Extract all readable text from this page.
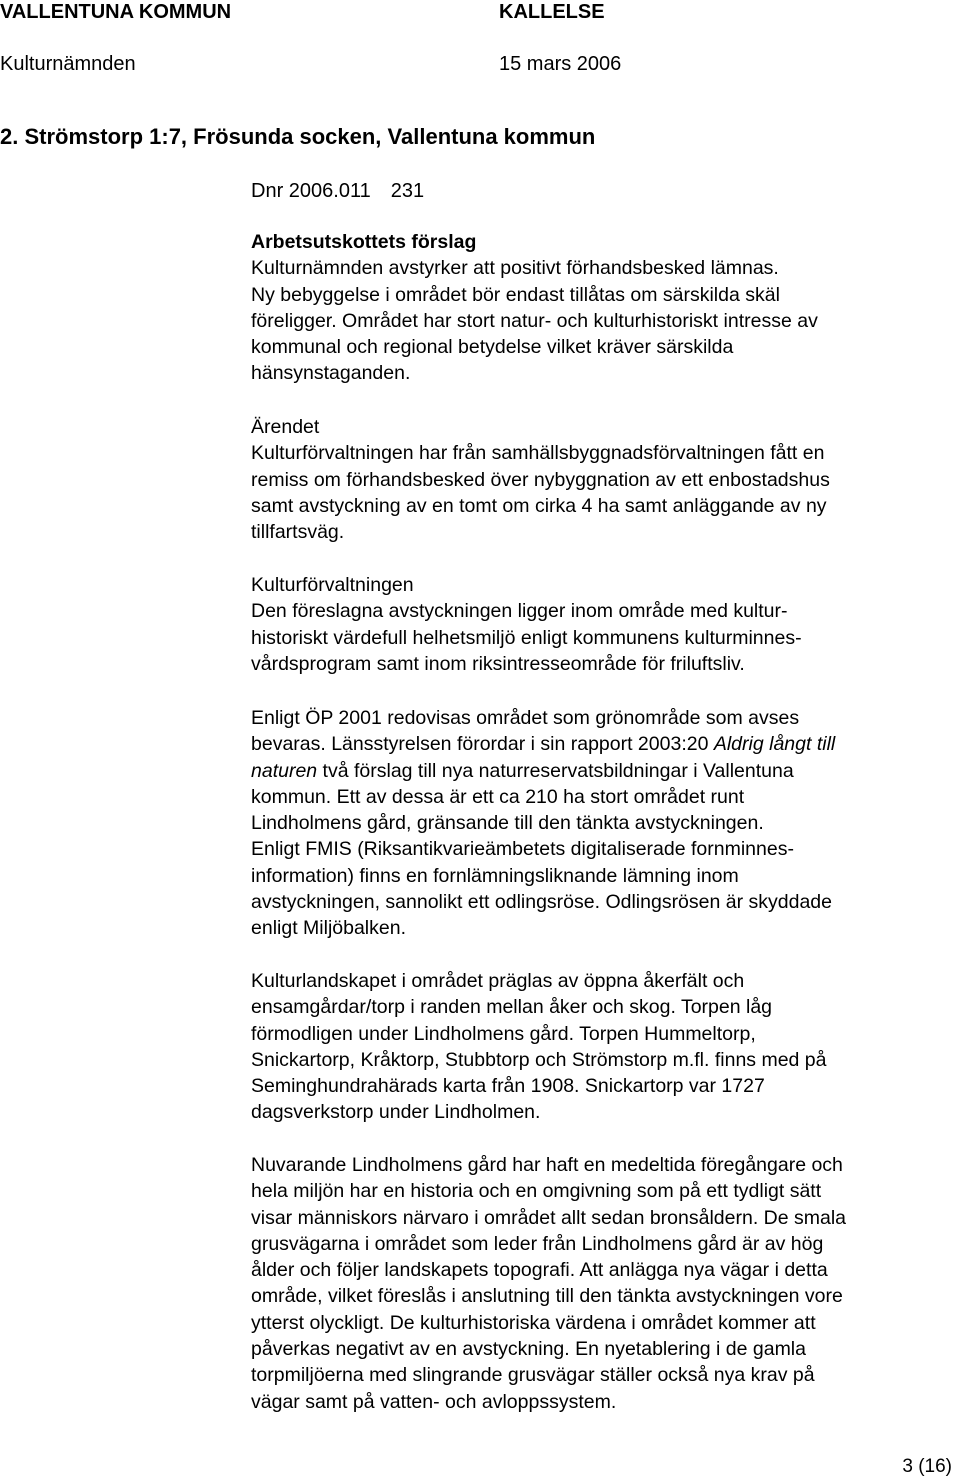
VALLENTUNA KOMMUN	KALLELSE
Kulturnämnden	15 mars 2006
2. Strömstorp 1:7, Frösunda socken, Vallentuna kommun
Dnr 2006.011 231

Arbetsutskottets förslag

Kulturnämnden avstyrker att positivt förhandsbesked lämnas.

Ny bebyggelse i området bör endast tillåtas om särskilda skäl

föreligger. Området har stort natur- och kulturhistoriskt intresse av

kommunal och regional betydelse vilket kräver särskilda

hänsynstaganden.

Ärendet

Kulturförvaltningen har från samhällsbyggnadsförvaltningen fått en

remiss om förhandsbesked över nybyggnation av ett enbostadshus

samt avstyckning av en tomt om cirka 4 ha samt anläggande av ny

tillfartsväg.

Kulturförvaltningen

Den föreslagna avstyckningen ligger inom område med kultur-

historiskt värdefull helhetsmiljö enligt kommunens kulturminnes-

vårdsprogram samt inom riksintresseområde för friluftsliv.

Enligt ÖP 2001 redovisas området som grönområde som avses

bevaras. Länsstyrelsen förordar i sin rapport 2003:20 Aldrig långt till

naturen två förslag till nya naturreservatsbildningar i Vallentuna

kommun. Ett av dessa är ett ca 210 ha stort området runt

Lindholmens gård, gränsande till den tänkta avstyckningen.

Enligt FMIS (Riksantikvarieämbetets digitaliserade fornminnes-

information) finns en fornlämningsliknande lämning inom

avstyckningen, sannolikt ett odlingsröse. Odlingsrösen är skyddade

enligt Miljöbalken.

Kulturlandskapet i området präglas av öppna åkerfält och

ensamgårdar/torp i randen mellan åker och skog. Torpen låg

förmodligen under Lindholmens gård. Torpen Hummeltorp,

Snickartorp, Kråktorp, Stubbtorp och Strömstorp m.fl. finns med på

Seminghundrahärads karta från 1908. Snickartorp var 1727

dagsverkstorp under Lindholmen.

Nuvarande Lindholmens gård har haft en medeltida föregångare och

hela miljön har en historia och en omgivning som på ett tydligt sätt

visar människors närvaro i området allt sedan bronsåldern. De smala

grusvägarna i området som leder från Lindholmens gård är av hög

ålder och följer landskapets topografi. Att anlägga nya vägar i detta

område, vilket föreslås i anslutning till den tänkta avstyckningen vore

ytterst olyckligt. De kulturhistoriska värdena i området kommer att

påverkas negativt av en avstyckning. En nyetablering i de gamla

torpmiljöerna med slingrande grusvägar ställer också nya krav på

vägar samt på vatten- och avloppssystem.

3 (16)
